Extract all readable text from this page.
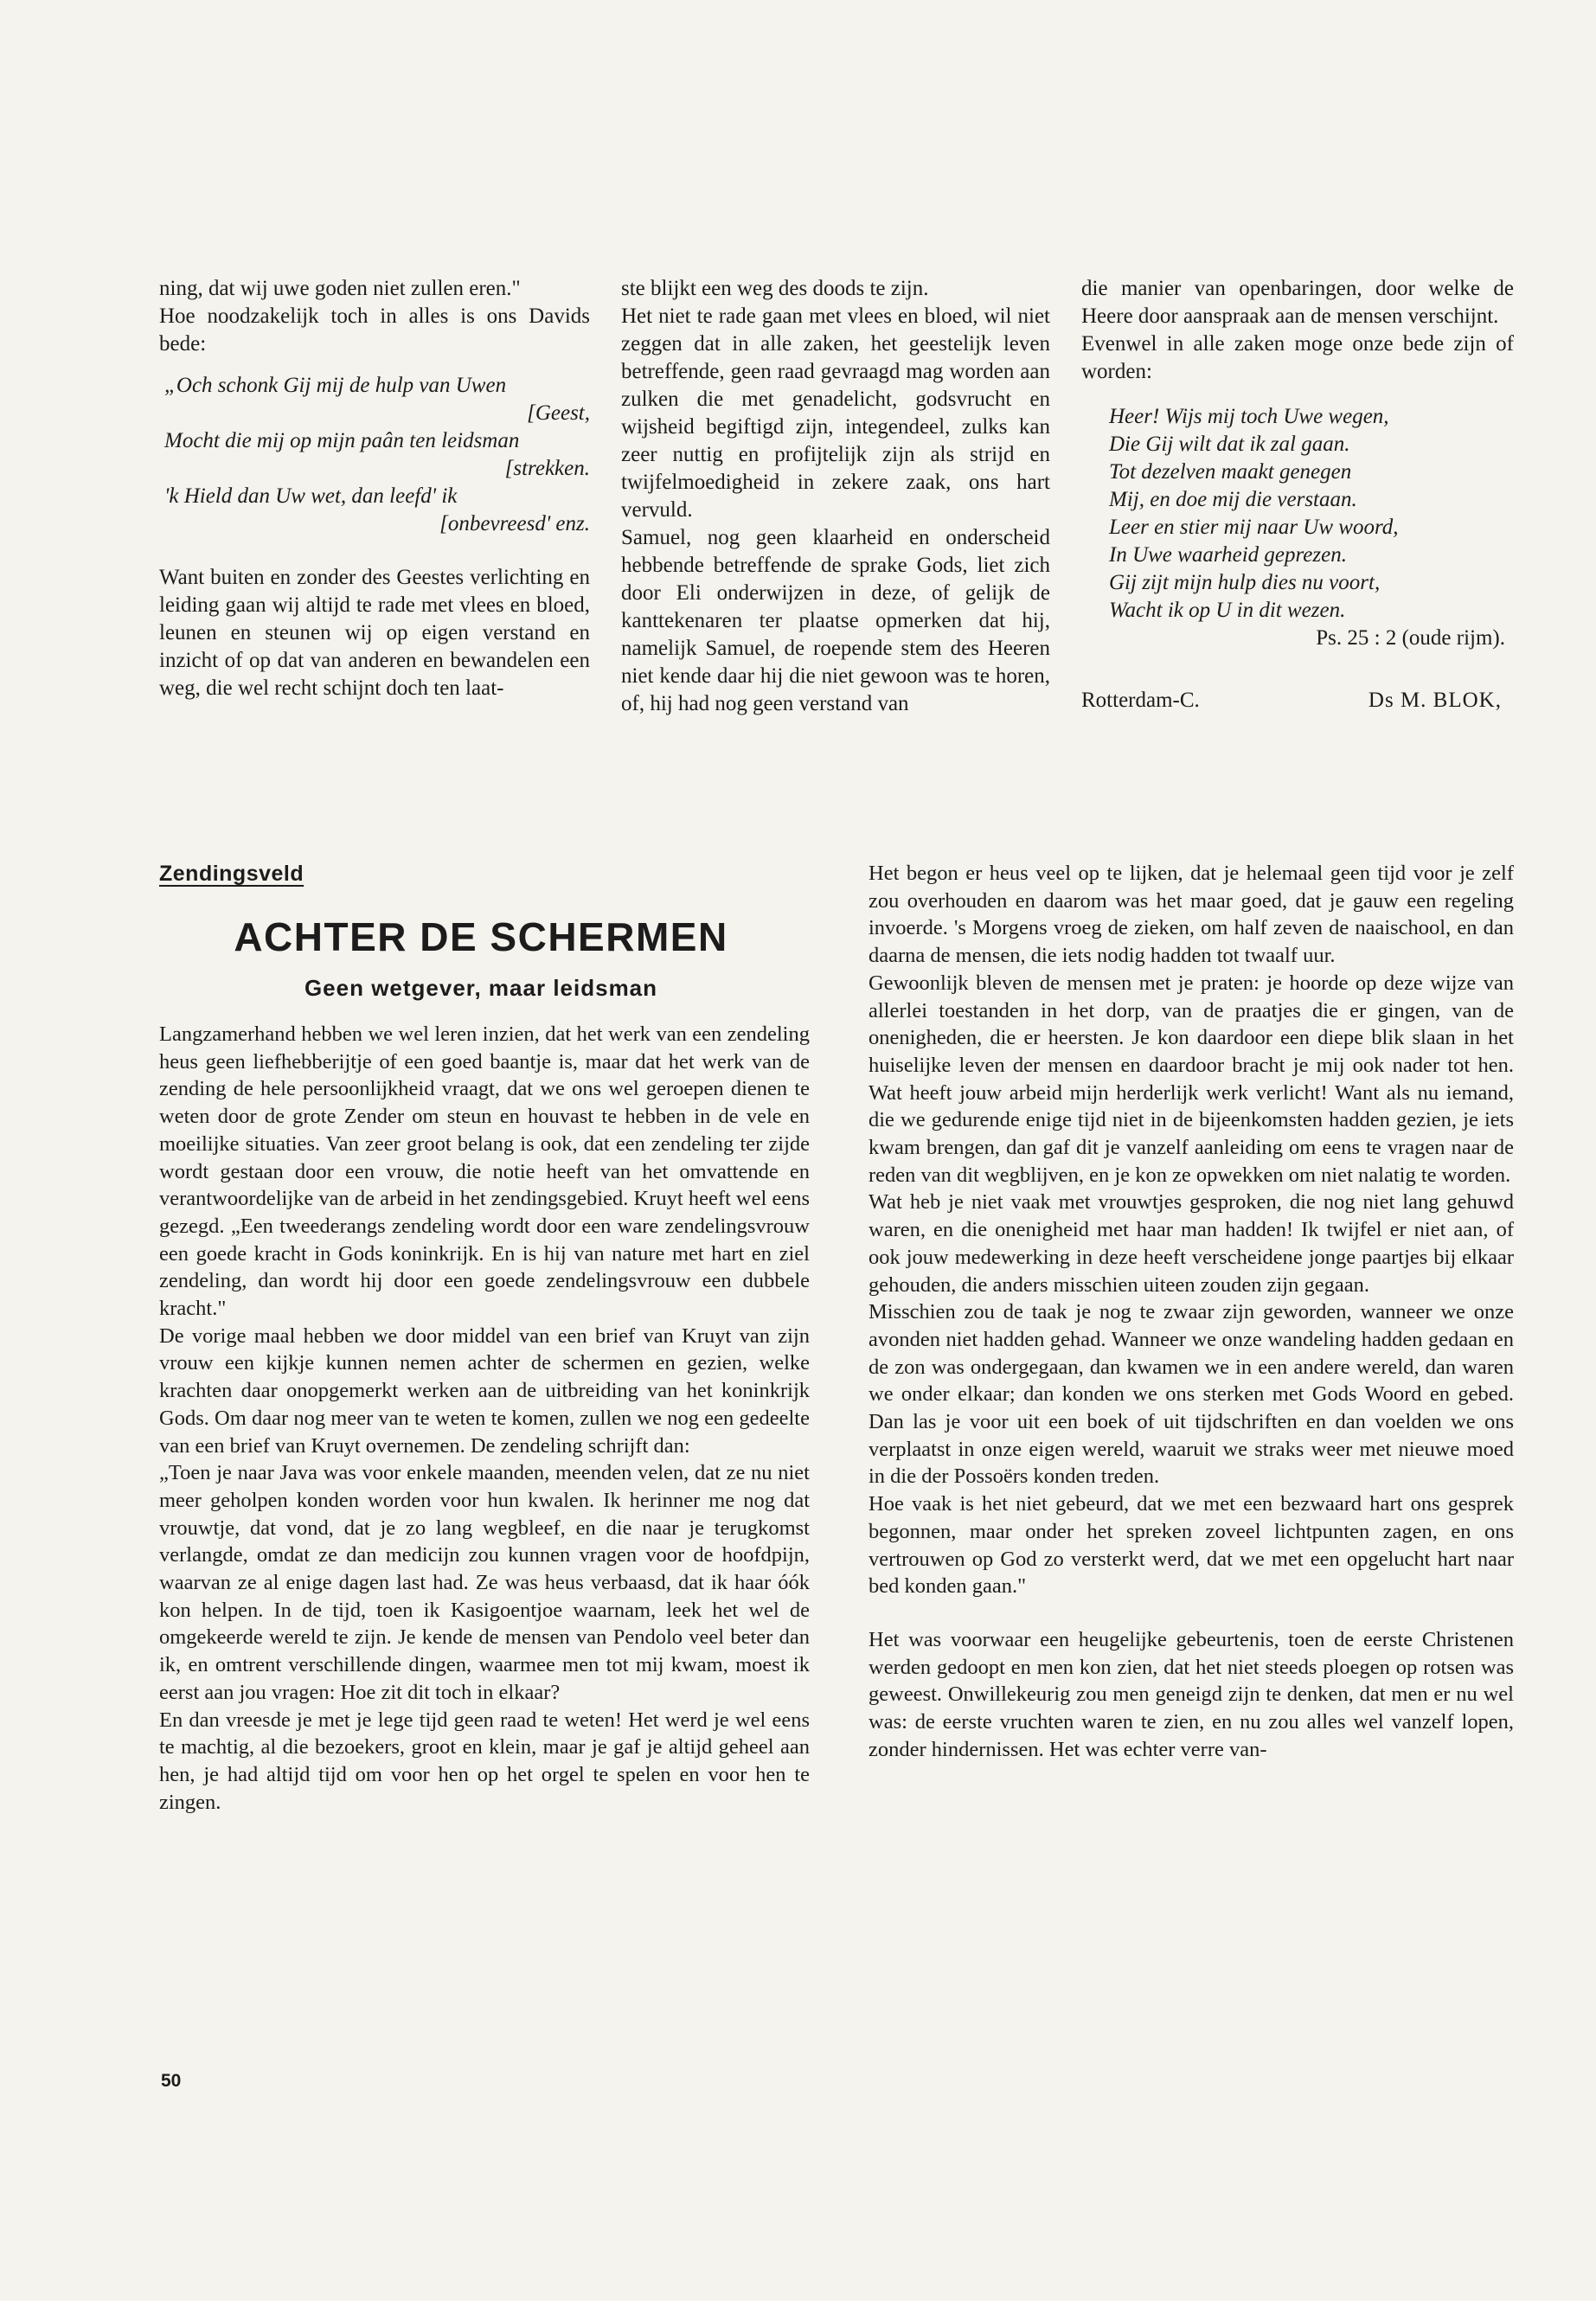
ning, dat wij uwe goden niet zullen eren."

Hoe noodzakelijk toch in alles is ons Davids bede:

„Och schonk Gij mij de hulp van Uwen
[Geest,
Mocht die mij op mijn paân ten leidsman
[strekken.
'k Hield dan Uw wet, dan leefd' ik
[onbevreesd' enz.

Want buiten en zonder des Geestes verlichting en leiding gaan wij altijd te rade met vlees en bloed, leunen en steunen wij op eigen verstand en inzicht of op dat van anderen en bewandelen een weg, die wel recht schijnt doch ten laat-

ste blijkt een weg des doods te zijn.

Het niet te rade gaan met vlees en bloed, wil niet zeggen dat in alle zaken, het geestelijk leven betreffende, geen raad gevraagd mag worden aan zulken die met genadelicht, godsvrucht en wijsheid begiftigd zijn, integendeel, zulks kan zeer nuttig en profijtelijk zijn als strijd en twijfelmoedigheid in zekere zaak, ons hart vervuld.

Samuel, nog geen klaarheid en onderscheid hebbende betreffende de sprake Gods, liet zich door Eli onderwijzen in deze, of gelijk de kanttekenaren ter plaatse opmerken dat hij, namelijk Samuel, de roepende stem des Heeren niet kende daar hij die niet gewoon was te horen, of, hij had nog geen verstand van

die manier van openbaringen, door welke de Heere door aanspraak aan de mensen verschijnt.

Evenwel in alle zaken moge onze bede zijn of worden:

Heer! Wijs mij toch Uwe wegen,
Die Gij wilt dat ik zal gaan.
Tot dezelven maakt genegen
Mij, en doe mij die verstaan.
Leer en stier mij naar Uw woord,
In Uwe waarheid geprezen.
Gij zijt mijn hulp dies nu voort,
Wacht ik op U in dit wezen.
Ps. 25 : 2 (oude rijm).
Rotterdam-C.	Ds M. BLOK,
Zendingsveld
ACHTER DE SCHERMEN
Geen wetgever, maar leidsman

Langzamerhand hebben we wel leren inzien, dat het werk van een zendeling heus geen liefhebberijtje of een goed baantje is, maar dat het werk van de zending de hele persoonlijkheid vraagt, dat we ons wel geroepen dienen te weten door de grote Zender om steun en houvast te hebben in de vele en moeilijke situaties. Van zeer groot belang is ook, dat een zendeling ter zijde wordt gestaan door een vrouw, die notie heeft van het omvattende en verantwoordelijke van de arbeid in het zendingsgebied. Kruyt heeft wel eens gezegd. „Een tweederangs zendeling wordt door een ware zendelingsvrouw een goede kracht in Gods koninkrijk. En is hij van nature met hart en ziel zendeling, dan wordt hij door een goede zendelingsvrouw een dubbele kracht."

De vorige maal hebben we door middel van een brief van Kruyt van zijn vrouw een kijkje kunnen nemen achter de schermen en gezien, welke krachten daar onopgemerkt werken aan de uitbreiding van het koninkrijk Gods. Om daar nog meer van te weten te komen, zullen we nog een gedeelte van een brief van Kruyt overnemen. De zendeling schrijft dan:

„Toen je naar Java was voor enkele maanden, meenden velen, dat ze nu niet meer geholpen konden worden voor hun kwalen. Ik herinner me nog dat vrouwtje, dat vond, dat je zo lang wegbleef, en die naar je terugkomst verlangde, omdat ze dan medicijn zou kunnen vragen voor de hoofdpijn, waarvan ze al enige dagen last had. Ze was heus verbaasd, dat ik haar óók kon helpen. In de tijd, toen ik Kasigoentjoe waarnam, leek het wel de omgekeerde wereld te zijn. Je kende de mensen van Pendolo veel beter dan ik, en omtrent verschillende dingen, waarmee men tot mij kwam, moest ik eerst aan jou vragen: Hoe zit dit toch in elkaar?

En dan vreesde je met je lege tijd geen raad te weten! Het werd je wel eens te machtig, al die bezoekers, groot en klein, maar je gaf je altijd geheel aan hen, je had altijd tijd om voor hen op het orgel te spelen en voor hen te zingen.

Het begon er heus veel op te lijken, dat je helemaal geen tijd voor je zelf zou overhouden en daarom was het maar goed, dat je gauw een regeling invoerde. 's Morgens vroeg de zieken, om half zeven de naaischool, en dan daarna de mensen, die iets nodig hadden tot twaalf uur.

Gewoonlijk bleven de mensen met je praten: je hoorde op deze wijze van allerlei toestanden in het dorp, van de praatjes die er gingen, van de onenigheden, die er heersten. Je kon daardoor een diepe blik slaan in het huiselijke leven der mensen en daardoor bracht je mij ook nader tot hen. Wat heeft jouw arbeid mijn herderlijk werk verlicht! Want als nu iemand, die we gedurende enige tijd niet in de bijeenkomsten hadden gezien, je iets kwam brengen, dan gaf dit je vanzelf aanleiding om eens te vragen naar de reden van dit wegblijven, en je kon ze opwekken om niet nalatig te worden.

Wat heb je niet vaak met vrouwtjes gesproken, die nog niet lang gehuwd waren, en die onenigheid met haar man hadden! Ik twijfel er niet aan, of ook jouw medewerking in deze heeft verscheidene jonge paartjes bij elkaar gehouden, die anders misschien uiteen zouden zijn gegaan.

Misschien zou de taak je nog te zwaar zijn geworden, wanneer we onze avonden niet hadden gehad. Wanneer we onze wandeling hadden gedaan en de zon was ondergegaan, dan kwamen we in een andere wereld, dan waren we onder elkaar; dan konden we ons sterken met Gods Woord en gebed. Dan las je voor uit een boek of uit tijdschriften en dan voelden we ons verplaatst in onze eigen wereld, waaruit we straks weer met nieuwe moed in die der Possoërs konden treden.

Hoe vaak is het niet gebeurd, dat we met een bezwaard hart ons gesprek begonnen, maar onder het spreken zoveel lichtpunten zagen, en ons vertrouwen op God zo versterkt werd, dat we met een opgelucht hart naar bed konden gaan."

Het was voorwaar een heugelijke gebeurtenis, toen de eerste Christenen werden gedoopt en men kon zien, dat het niet steeds ploegen op rotsen was geweest. Onwillekeurig zou men geneigd zijn te denken, dat men er nu wel was: de eerste vruchten waren te zien, en nu zou alles wel vanzelf lopen, zonder hindernissen. Het was echter verre van-

50
